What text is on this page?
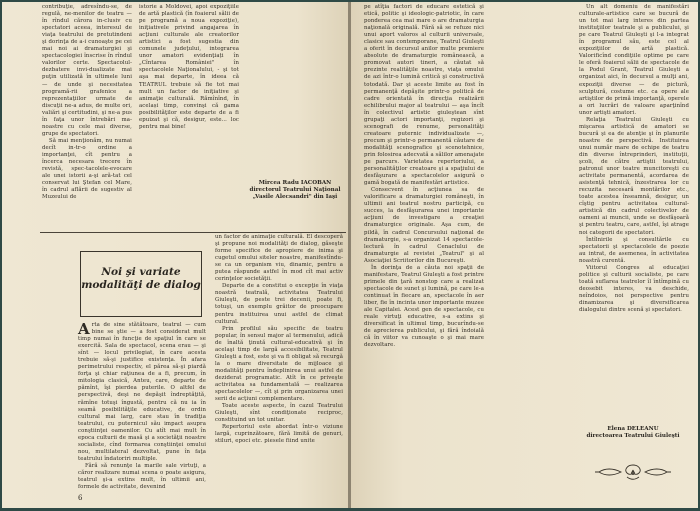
contribuţie, adresîndu-se, de regulă, ne-menilor de teatru — în rîndul cărora in-clusiv cu spectatori aceea, interesul de viaţa teatrului de pretutindeni şi dorinţa de a-i cunoaşte pe cei mai noi ai dramaturgiei şi spectacologiei înscrise în rîndul valorilor certe. Spectacolul-dezbatere invi-dualizate mai puţin utilizată în ultimele luni — de unde şi necesitatea programă-rii grafenice a reprezentaţiilor urmate de discuţii ne-a adus, de multe ori, valiări şi certitudini, şi ne-a pus în faţa unor întrebări ma-noastre cu cele mai diverse, grupe de spectatori.

Să mai menţionăm, nu numai decît in-tr-o ordine a importanţei, cît pentru a încerca necesara trecere în revistă, spec-tacolele-evocare ale unei istorii a-şi ară-tat cel conservat lui Ştefan cel Mare, în cadrul aflării de sugestiv al Muzeului de

istorie a Moldovei, apoi expoziţiile de artă plastică (în foaierul sălii de pe programă a noua expoziţie), iniţiativele privind angajarea în acţiuni culturale ale creatorilor artistici a fost sugestia din comunele judeţului, integrarea unor amatori evidenţiați în „Cîntarea României" în spectacolele Naţionalului, - şi tot aşa mai departe, în ideea că TEATRUL trebuie să fie tot mai mult un factor de iniţiative şi animaţie culturală. Rămînînd, în același timp, convinşi că gama posibilităţilor este departe de a fi epuizat şi că, desigur, este... loc pentru mai bine!

Mircea Radu IACOBAN
directorul Teatrului Naţional
„Vasile Alecsandri" din Iaşi
Noi şi variate modalităţi de dialog

Arta de sine stătătoare, teatrul — cum bine se ştie — a fost considerat mult timp numai în funcţie de spaţiul în care se exercită. Sala de spectacol, scena erau — şi sînt — locul privilegiat, în care acesta trebuie să-şi justifice existenţa. În afara perimetrului respectiv, el părea să-şi piardă forţa şi chiar raţiunea de a fi, precum, în mitologia clasică, Anteu, care, departe de pămînt, îşi pierdea puterile. O altfel de perspectivă, deşi ne depăşit îndreptăţită, rămîne totuşi îngustă, pentru că nu ia în seamă posibilităţile educative, de ordin cultural mai larg, care stau în tradiţia teatrului, cu puternicul său impact asupra conştiinţei oamenilor. Cu atît mai mult în epoca culturii de masă şi a societăţii noastre socialiste, cînd formarea conştiinţei omului nou, multilateral dezvoltat, pune în faţa teatrului îndatoriri multiple.

Fără să renunţe la marile sale virtuţi, a căror realizare numai scena o poate asigura, teatrul şi-a extins mult, în ultimii ani, formele de activitate, devenind

un factor de animaţie culturală. El descoperă şi propune noi modalităţi de dialog, găseşte forme specifice de apropiere de inima şi cugetul omului siteler noastre, manifestîndu-se ca un organism viu, dinamic, pentru a putea răspunde astfel în mod cît mai activ cerinţelor societăţii.

Departe de a constitui o excepţie în viaţa noastră teatrală, activitatea Teatrului Giuleşti, de peste trei decenii, poate fi, totuşi, un exemplu grăitor de preocupare pentru instituirea unui astfel de climat cultural.

Prin profilul său specific de teatru popular, în sensul major al termenului, adică de înaltă ţinută cultural-educativă şi în acelaşi timp de largă accesibilitate, Teatrul Giuleşti a fost, este şi va fi obligat să recurgă la o mare diversitate de mijloace şi modalităţi pentru îndeplinirea unui astfel de deziderat programatic. Atît în ce priveşte activitatea sa fundamentală — realizarea spectacolelor —, cît şi prin organizarea unei serii de acţiuni complementare.

Toate aceste aspecte, în cazul Teatrului Giuleşti, sînt condiţionate reciproc, constituind un tot unitar.

Repertoriul este abordat într-o viziune largă, cuprinzătoare, fără limită de genuri, stiluri, epoci etc. piesele fiind unite

6

pe atîţia factori de educare estetică şi etică, politic şi ideologic-patriotic, în care ponderea cea mai mare o are dramaturgia naţională originală. Fără să se refuze nici unui aport valoros al culturii universale, clasice sau contemporane, Teatrul Giuleşti a oferit în decursul anilor multe premiere absolute de dramaturgie românească, a promovat autori tineri, a căutat să prezinte realităţile noastre, viaţa omului de azi într-o lumină critică şi constructivă totodată. Dar şi aceste limite au fost în permanenţă depăşite printr-o politică de cadre orientată în direcţia realizării echilibrului major al teatrului — aşa încît în colectivul artistic giuleştean sînt grupaţi actori importanţi, regizori şi scenografi de renume, personalităţi creatoare puternic individualizate —, precum şi printr-o permanentă căutare de modalităţi scenografice şi scenotehnice, prin folosirea adecvată a sălilor amenajate pe parcurs. Varietatea repertoriului, a personalităţilor creatoare şi a spaţiului de desfăşurare a spectacolelor asigură o gamă bogată de manifestări artistice.

Consecvent în acţiunea sa de valorificare a dramaturgiei româneşti, în ultimii ani teatrul nostru participă, cu succes, la desfăşurarea unei importante acţiuni de investigare a creaţiei dramaturgice originale. Aşa cum, de pildă, în cadrul Concursului naţional de dramaturgie, s-a organizat 14 spectacole-lectură în cadrul Cenaclului de dramaturgie al revistei „Teatrul" şi al Asociaţiei Scriitorilor din Bucureşti.

În dorinţa de a căuta noi spaţii de manifestare, Teatrul Giuleşti a fost printre primele din ţară nonstop care a realizat spectacole de sunet şi lumină, pe care le-a continuat în fiecare an, spectacole în aer liber, fie în incinta unor importante muzee ale Capitalei. Acest gen de spectacole, cu reale virtuţi educative, s-a extins şi diversificat în ultimul timp, bucurîndu-se de aprecierea publicului, şi fără îndoială că în viitor va cunoaşte o şi mai mare dezvoltare.

Un alt domeniu de manifestări culturale-artistice care se bucură de un tot mai larg interes din partea instituţiilor teatrale şi a publicului, şi pe care Teatrul Giuleşti şi l-a integrat în programul său, este cel al expoziţiilor de artă plastică. Valorificînd condiţiile optime pe care le oferă foaierul sălii de spectacole de la Podul Grant, Teatrul Giuleşti a organizat aici, în decursul a mulţi ani, expoziţii diverse — de pictură, sculptură, costume etc. ca opere ale artiştilor de primă importanţă, operele a ori lucrări de valoare aparţinînd unor artişti amatori.

Relaţia Teatrului Giuleşti cu mişcarea artistică de amatori se bucură şi ea de atenţie şi în planurile noastre de perspectivă. Instituirea unui număr mare de echipe de teatru din diverse întreprinderi, instituţii, şcoli, de către artiştii teatrului, patronul unor teatre muncitoreşti cu activitate permanentă, acordarea de asistenţă tehnică, înzestrarea lor cu recuzita necesară montărilor etc., toate acestea înseamnă, desigur, un cîştig pentru activitatea cultural-artistică din cadrul colectivelor de oameni ai muncii, unde se desfăşoară şi pentru teatru, care, astfel, îşi atrage noi categorii de spectatori.

Întîlnirile şi consultările cu spectatorii şi spectacolele de poezie au intrat, de asemenea, în activitatea noastră curentă.

Viitorul Congres al educaţiei politice şi culturii socialiste, pe care toată suflarea teatrelor îl întîmpină cu deosebit interes, va deschide, neîndoios, noi perspective pentru dinamizarea şi diversificarea dialogului dintre scenă şi spectatori.

Elena DELEANU
directoarea Teatrului Giuleşti
